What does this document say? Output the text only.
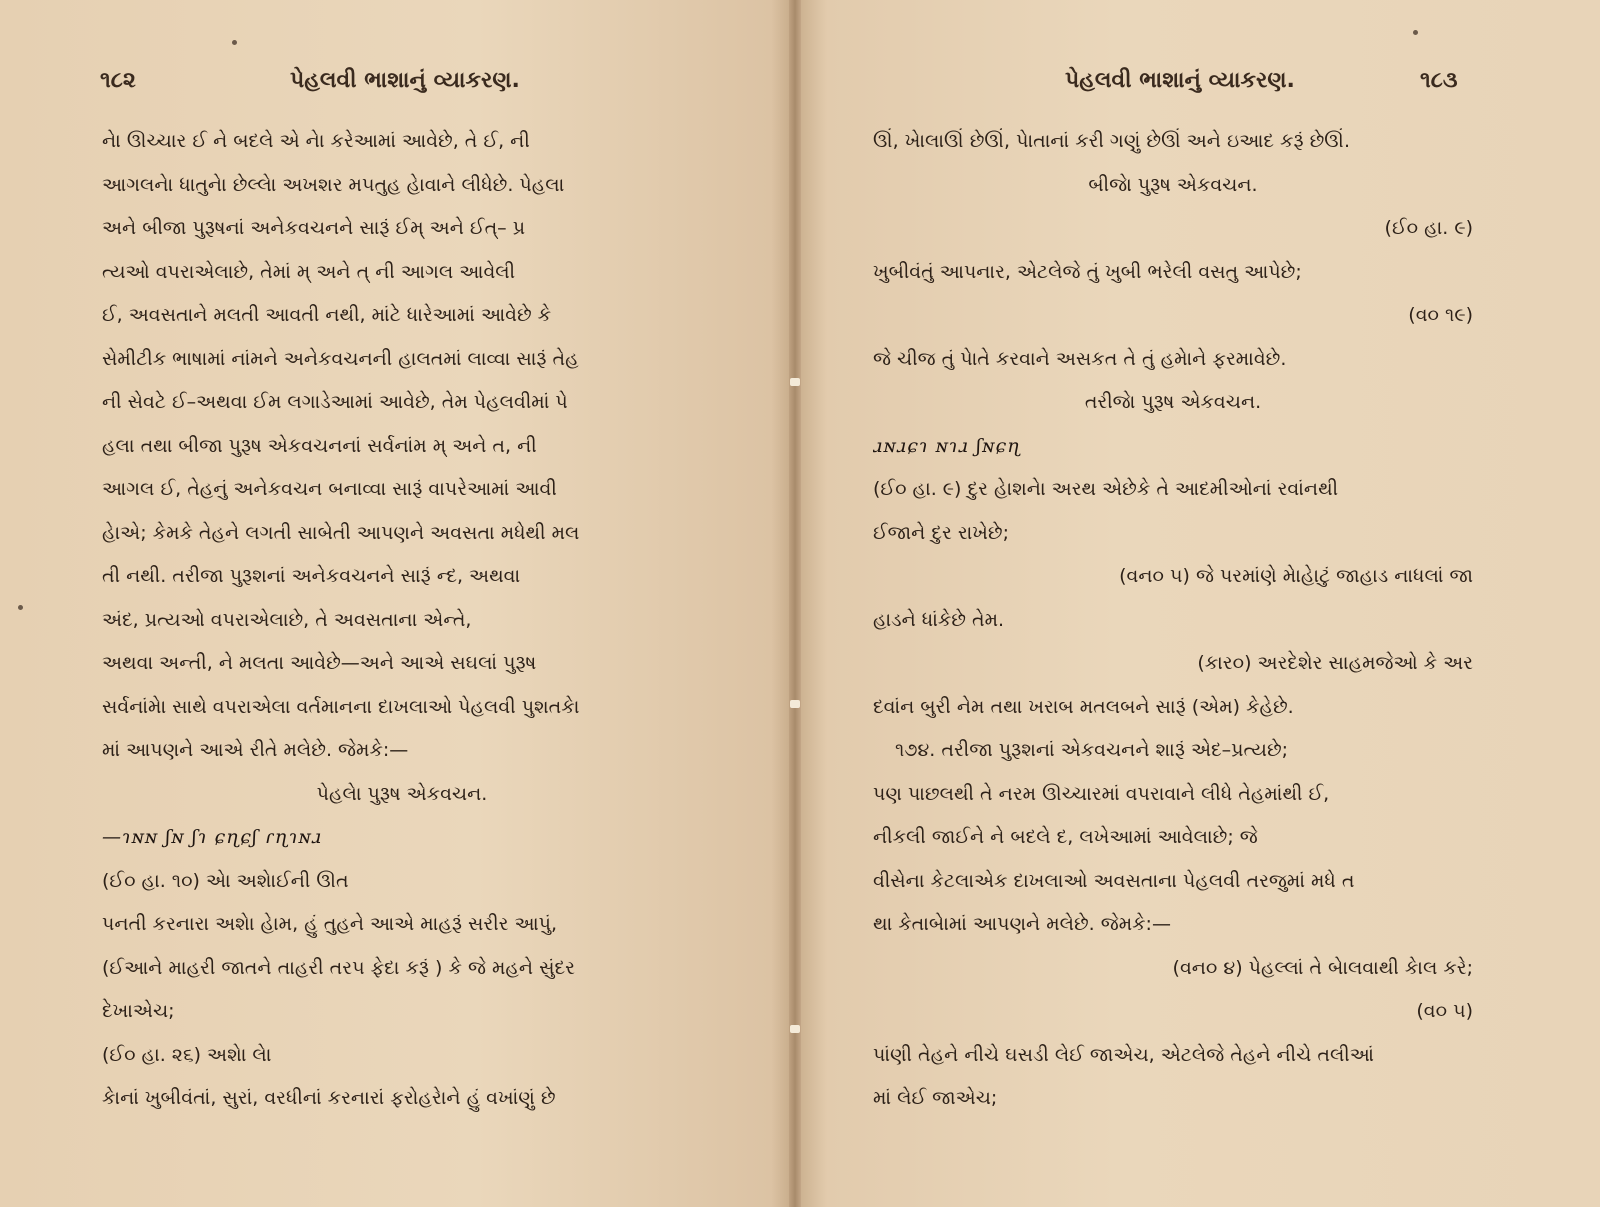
૧૮૨	પેહલવી ભાશાનું વ્યાકરણ.
નેા ઊચ્ચાર ઈ ને બદલે એ નેા કરેઆમાં આવેછે, તે ઈ, ની
આગલનેા ધાતુનેા છેલ્લેા અખશર મ૫તુહ હેાવાને લીધેછે. પેહલા
અને બીજા પુરૂષનાં અનેકવચનને સારૂં ઈમ્ અને ઈત્– પ્ર
ત્યઓ વપરાએલાછે, તેમાં મ્ અને ત્ ની આગલ આવેલી
ઈ, અવસતાને મલતી આવતી નથી, માંટે ધારેઆમાં આવેછે કે
સેમીટીક ભાષામાં નાંમને અનેકવચનની હાલતમાં લાવ્વા સારૂં તેહ
ની સેવટે ઈ–અથવા ઈમ લગાડેઆમાં આવેછે, તેમ પેહલવીમાં પે
હલા તથા બીજા પુરૂષ એકવચનનાં સર્વનાંમ મ્ અને ત, ની
આગલ ઈ, તેહનું અનેકવચન બનાવ્વા સારૂં વાપરેઆમાં આવી
હેાએ; કેમકે તેહને લગતી સાબેતી આપણને અવસતા મધેથી મલ
તી નથી. તરીજા પુરૂશનાં અનેકવચનને સારૂં ન્દ, અથવા
અંદ, પ્રત્યઓ વપરાએલાછે, તે અવસતાના એન્તે,
અથવા અન્તી, ને મલતા આવેછે—અને આએ સઘલાં પુરૂષ
સર્વનાંમેા સાથે વપરાએલા વર્તમાનના દાખલાઓ પેહલવી પુશતકેા
માં આપણને આએ રીતે મલેછે. જેમકે:—
પેહલેા પુરૂષ એકવચન.
—ɿɴɴ ʃɴ ʃɿ ɕɳɕʃ ɾɳɿɴɹ
(ઈ૦ હા. ૧૦) એા અશેાઈની ઊત
પનતી કરનારા અશેા હેામ, હું તુહને આએ માહરૂં સરીર આપું,
(ઈઆને માહરી જાતને તાહરી તર૫ ફેદા કરૂં ) કે જે મહને સુંદર
દેખાએચ;
(ઈ૦ હા. ૨૬) અશેા લેા
કેાનાં ખુબીવંતાં, સુરાં, વરધીનાં કરનારાં ફરોહરેાને હું વખાંણું છે
પેહલવી ભાશાનું વ્યાકરણ.	૧૮૩
ઊં, ખેાલાઊં છેઊં, પેાતાનાં કરી ગણું છેઊં અને ઇઆદ કરૂં છેઊં.
બીજેા પુરૂષ એકવચન.
(ઈ૦ હા. ૯)
ખુબીવંતું આપનાર, એટલેજે તું ખુબી ભરેલી વસતુ આપેછે;
(વ૦ ૧૯)
જે ચીજ તું પેાતે કરવાને અસકત તે તું હમેાને ફરમાવેછે.
તરીજેા પુરૂષ એકવચન.
ɹɴɹɕɿ ɴɿɹ ʃɴɕɳ
(ઈ૦ હા. ૯) દુર હેાશનેા અરથ એછેકે તે આદમીઓનાં રવાંનથી
ઈજાને દુર રાખેછે;
(વન૦ ૫) જે પરમાંણે મેાહેાટું જાહાડ નાધલાં જા
હાડને ધાંકેછે તેમ.
(કાર૦) અરદેશેર સાહમજેઓ કે અર
દવાંન બુરી નેમ તથા ખરાબ મતલબને સારૂં (એમ) કેહેછે.
૧૭૪. તરીજા પુરૂશનાં એકવચનને શારૂં એદ–પ્રત્યછે;
પણ પાછલથી તે નરમ ઊચ્ચારમાં વપરાવાને લીધે તેહમાંથી ઈ,
નીકલી જાઈને ને બદલે દ, લખેઆમાં આવેલાછે; જે
વીસેના કેટલાએક દાખલાઓ અવસતાના પેહલવી તરજુમાં મધે ત
થા કેતાબેામાં આપણને મલેછે. જેમકે:—
(વન૦ ૪) પેહલ્લાં તે બેાલવાથી કેાલ કરે;
(વ૦ ૫)
પાંણી તેહને નીચે ઘસડી લેઈ જાએચ, એટલેજે તેહને નીચે તલીઆં
માં લેઈ જાએચ;
